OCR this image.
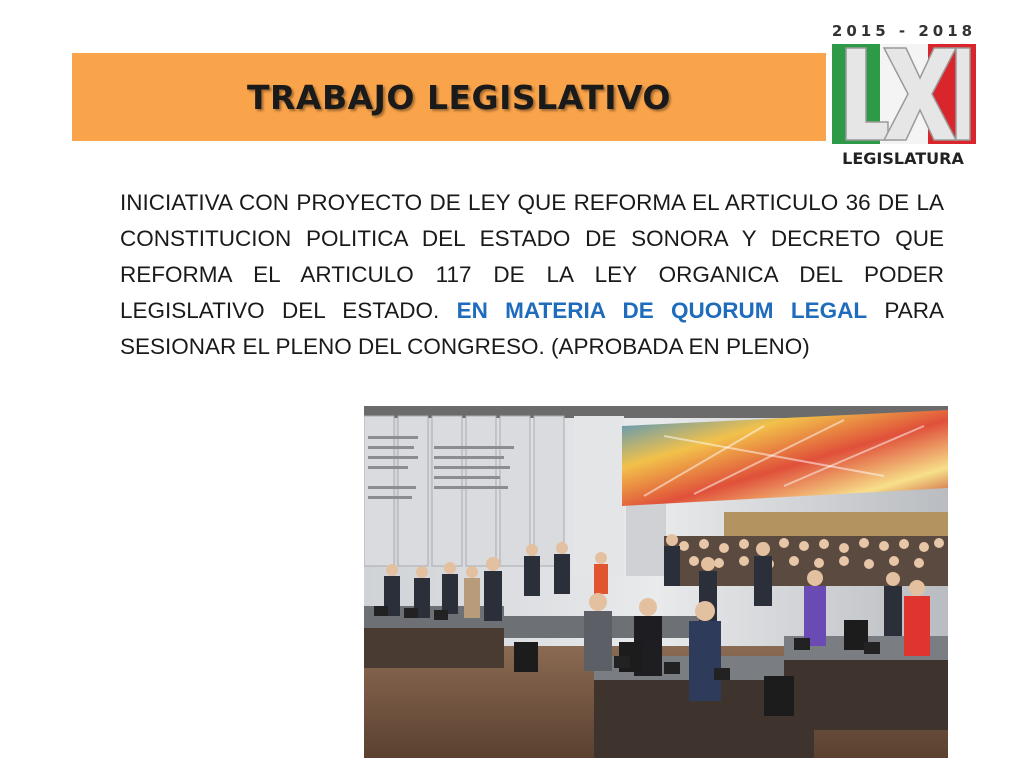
TRABAJO LEGISLATIVO
2015 - 2018
LEGISLATURA
INICIATIVA CON PROYECTO DE LEY QUE REFORMA EL ARTICULO 36 DE LA CONSTITUCION POLITICA DEL ESTADO DE SONORA Y DECRETO QUE REFORMA EL ARTICULO 117 DE LA LEY ORGANICA DEL PODER LEGISLATIVO DEL ESTADO. EN MATERIA DE QUORUM LEGAL PARA SESIONAR EL PLENO DEL CONGRESO. (APROBADA EN PLENO)
